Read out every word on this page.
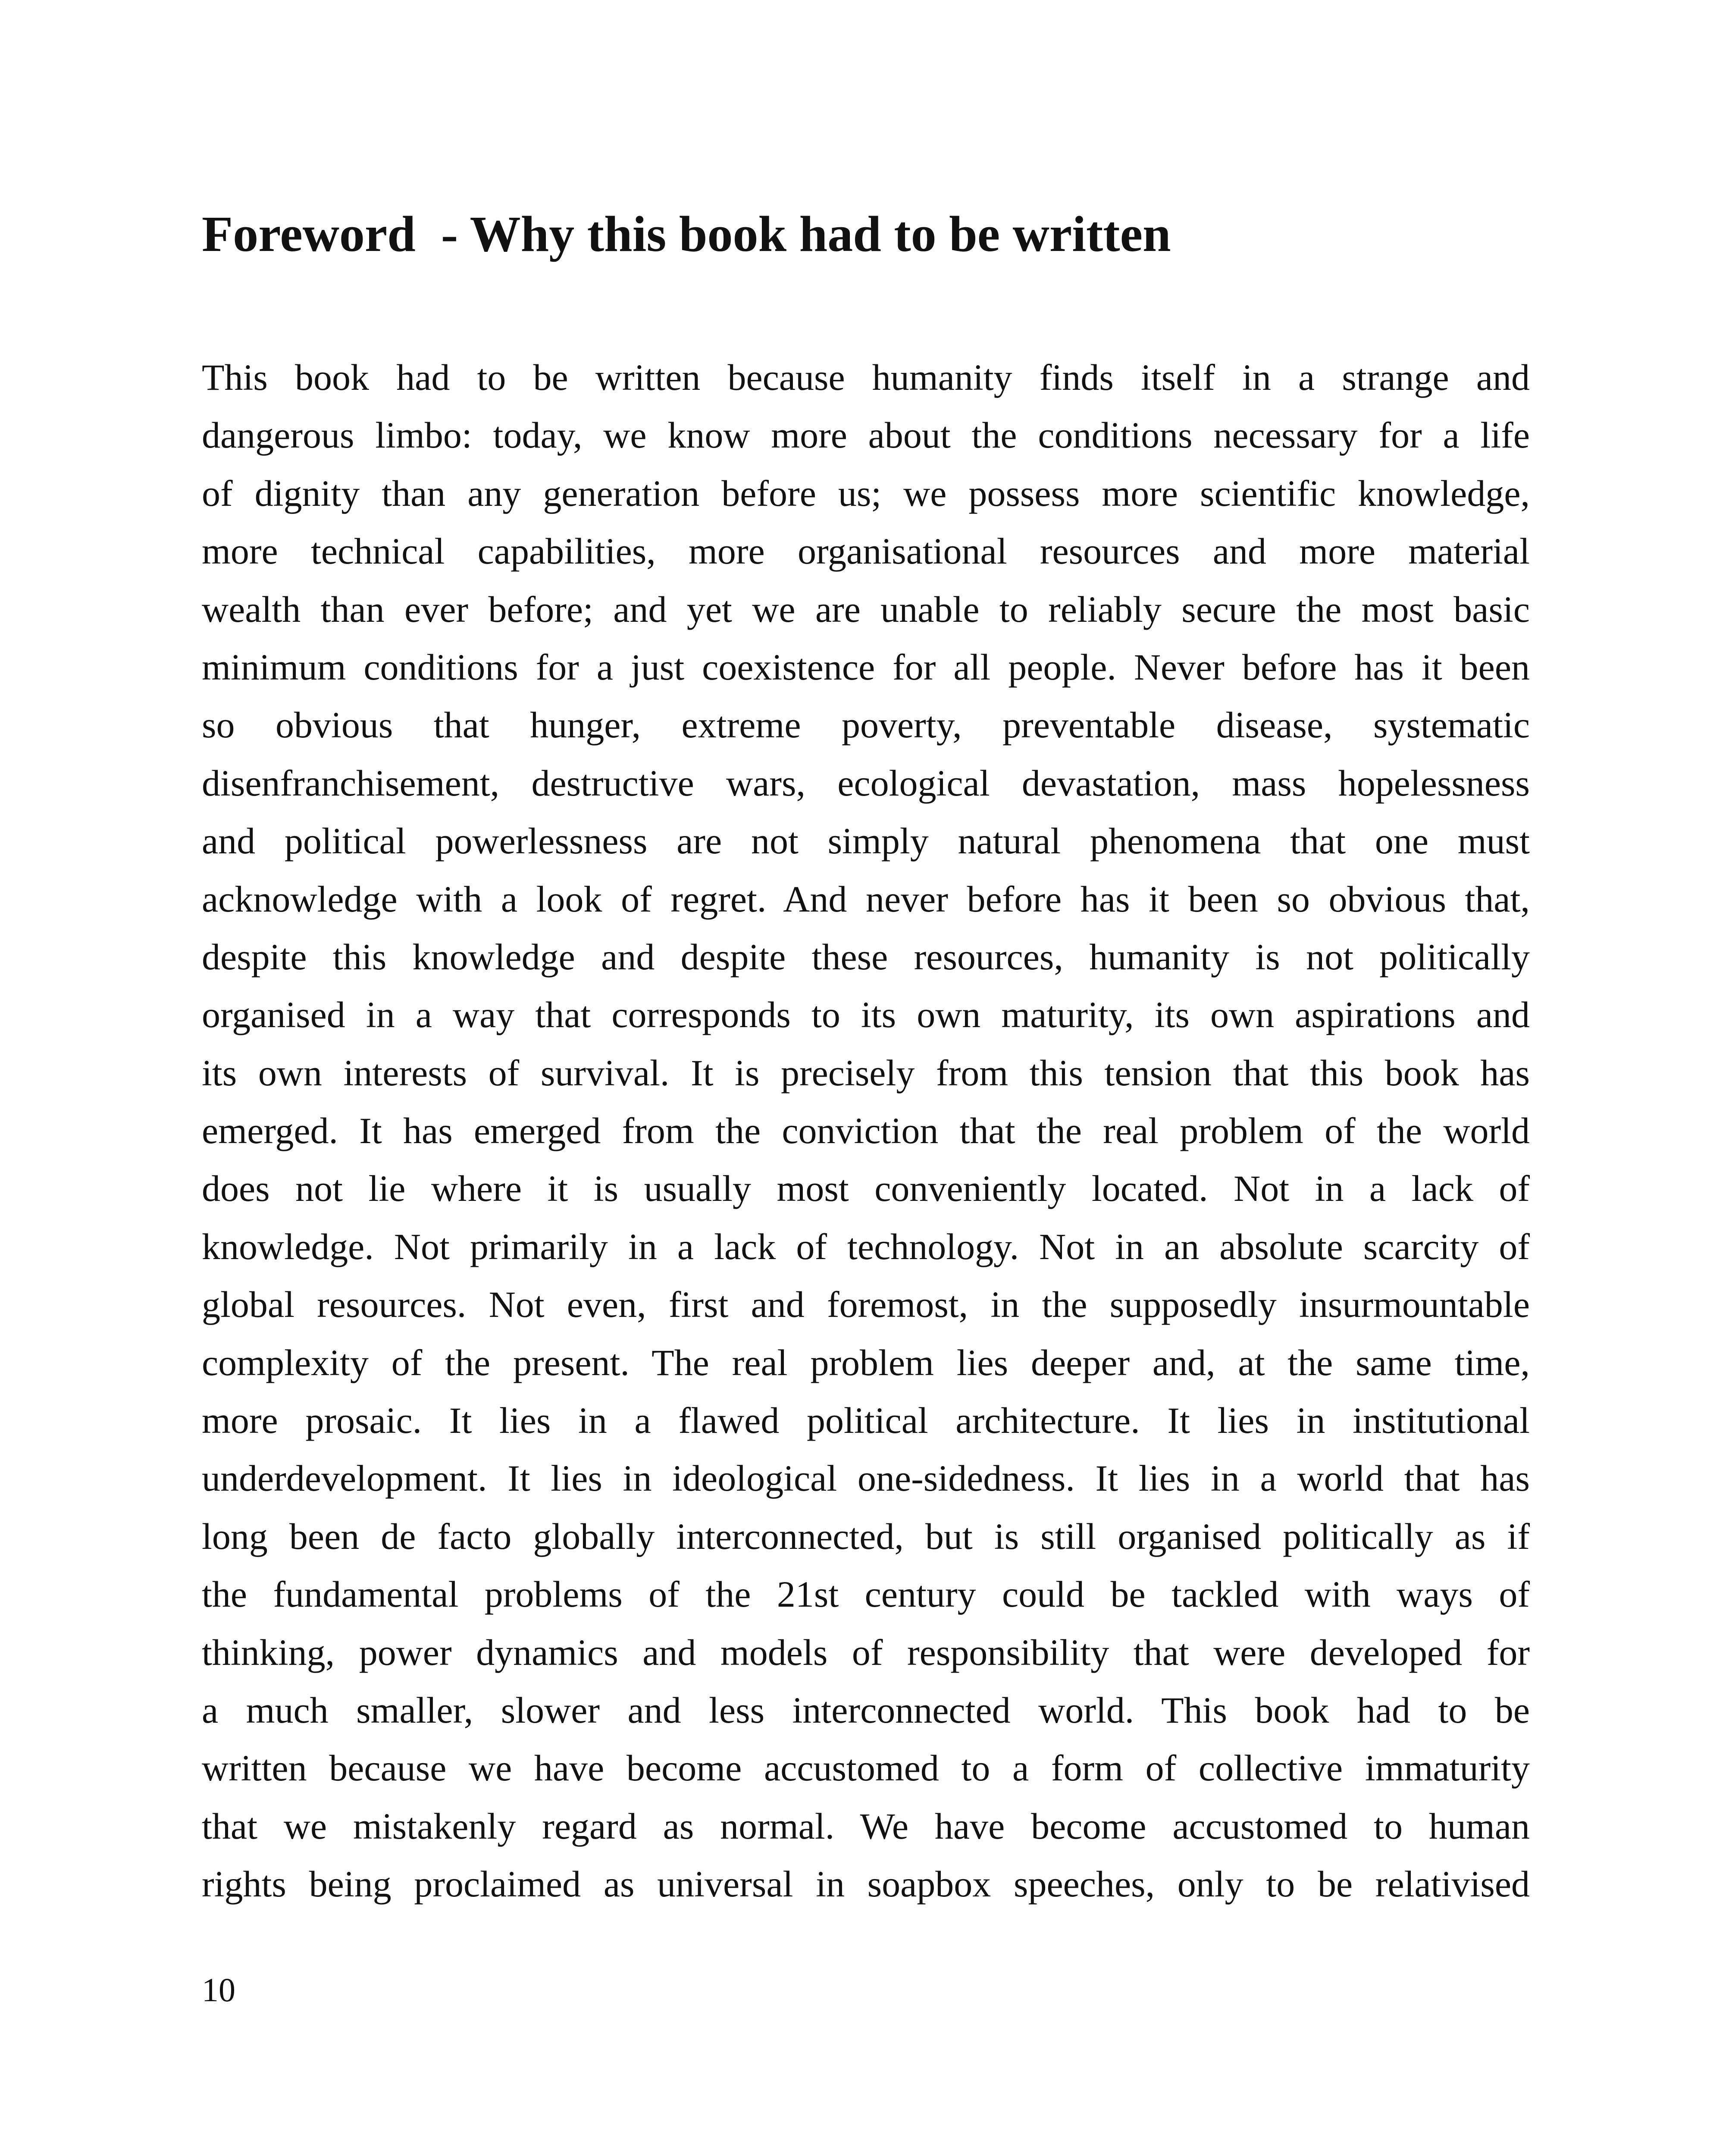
Foreword  - Why this book had to be written
This book had to be written because humanity finds itself in a strange and
dangerous limbo: today, we know more about the conditions necessary for a life
of dignity than any generation before us; we possess more scientific knowledge,
more technical capabilities, more organisational resources and more material
wealth than ever before; and yet we are unable to reliably secure the most basic
minimum conditions for a just coexistence for all people. Never before has it been
so obvious that hunger, extreme poverty, preventable disease, systematic
disenfranchisement, destructive wars, ecological devastation, mass hopelessness
and political powerlessness are not simply natural phenomena that one must
acknowledge with a look of regret. And never before has it been so obvious that,
despite this knowledge and despite these resources, humanity is not politically
organised in a way that corresponds to its own maturity, its own aspirations and
its own interests of survival. It is precisely from this tension that this book has
emerged. It has emerged from the conviction that the real problem of the world
does not lie where it is usually most conveniently located. Not in a lack of
knowledge. Not primarily in a lack of technology. Not in an absolute scarcity of
global resources. Not even, first and foremost, in the supposedly insurmountable
complexity of the present. The real problem lies deeper and, at the same time,
more prosaic. It lies in a flawed political architecture. It lies in institutional
underdevelopment. It lies in ideological one-sidedness. It lies in a world that has
long been de facto globally interconnected, but is still organised politically as if
the fundamental problems of the 21st century could be tackled with ways of
thinking, power dynamics and models of responsibility that were developed for
a much smaller, slower and less interconnected world. This book had to be
written because we have become accustomed to a form of collective immaturity
that we mistakenly regard as normal. We have become accustomed to human
rights being proclaimed as universal in soapbox speeches, only to be relativised
10
